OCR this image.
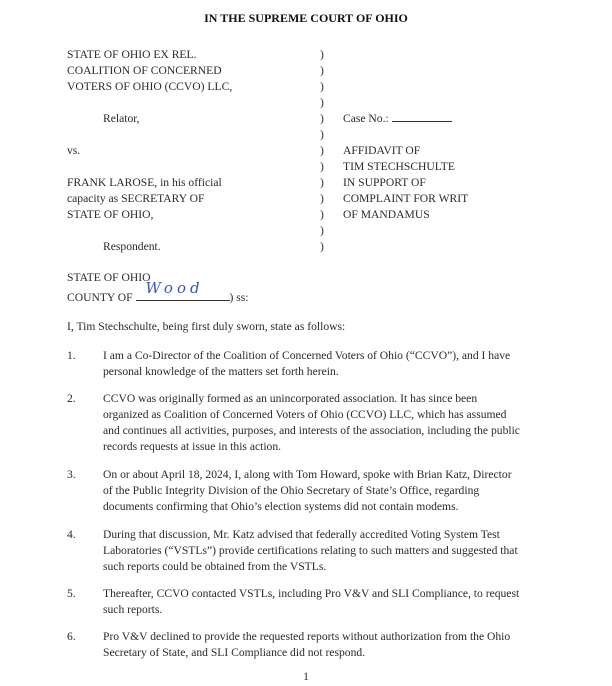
IN THE SUPREME COURT OF OHIO
STATE OF OHIO EX REL.
COALITION OF CONCERNED
VOTERS OF OHIO (CCVO) LLC,
Relator,
vs.
FRANK LAROSE, in his official
capacity as SECRETARY OF
STATE OF OHIO,
Respondent.
)
)
)
)
)
)
)
)
)
)
)
)
)
Case No.:
AFFIDAVIT OF
TIM STECHSCHULTE
IN SUPPORT OF
COMPLAINT FOR WRIT
OF MANDAMUS
STATE OF OHIO
COUNTY OF
Wood
) ss:
I, Tim Stechschulte, being first duly sworn, state as follows:
1. I am a Co-Director of the Coalition of Concerned Voters of Ohio (“CCVO”), and I have
personal knowledge of the matters set forth herein.
2. CCVO was originally formed as an unincorporated association. It has since been
organized as Coalition of Concerned Voters of Ohio (CCVO) LLC, which has assumed
and continues all activities, purposes, and interests of the association, including the public
records requests at issue in this action.
3. On or about April 18, 2024, I, along with Tom Howard, spoke with Brian Katz, Director
of the Public Integrity Division of the Ohio Secretary of State’s Office, regarding
documents confirming that Ohio’s election systems did not contain modems.
4. During that discussion, Mr. Katz advised that federally accredited Voting System Test
Laboratories (“VSTLs”) provide certifications relating to such matters and suggested that
such reports could be obtained from the VSTLs.
5. Thereafter, CCVO contacted VSTLs, including Pro V&V and SLI Compliance, to request
such reports.
6. Pro V&V declined to provide the requested reports without authorization from the Ohio
Secretary of State, and SLI Compliance did not respond.
1
